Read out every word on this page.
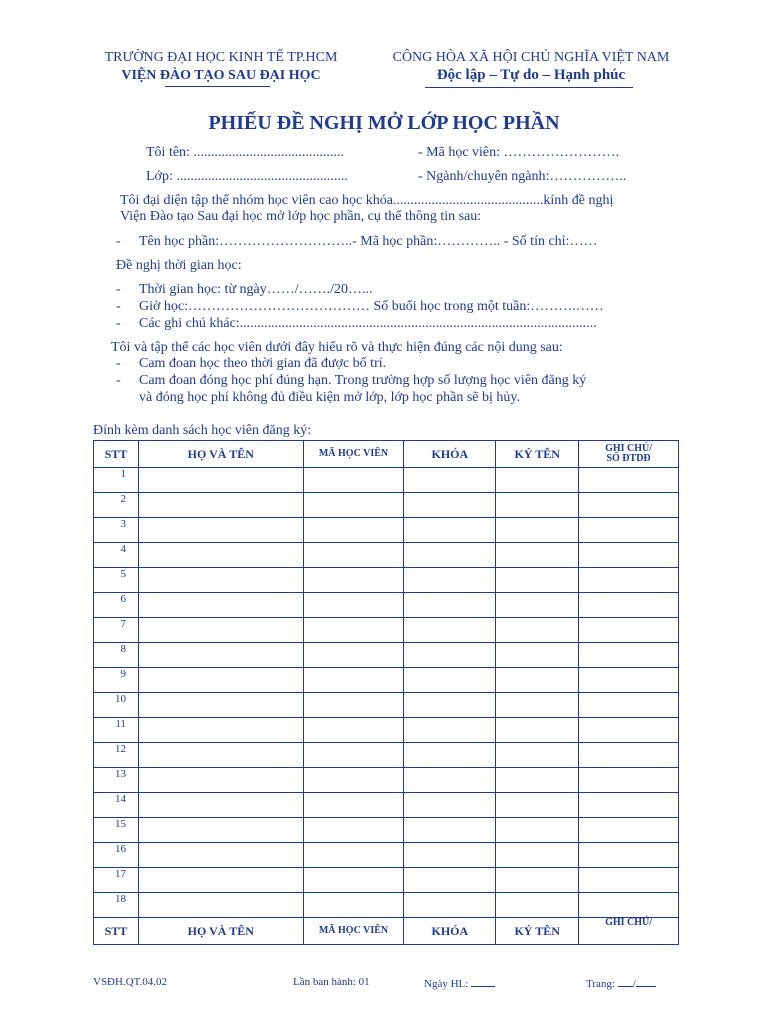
TRƯỜNG ĐẠI HỌC KINH TẾ TP.HCM
VIỆN ĐÀO TẠO SAU ĐẠI HỌC
CÔNG HÒA XÃ HỘI CHỦ NGHĨA VIỆT NAM
Độc lập – Tự do – Hạnh phúc
PHIẾU ĐỀ NGHỊ MỞ LỚP HỌC PHẦN
Tôi tên: ...........................................	- Mã học viên: …………………….
Lớp: .................................................	- Ngành/chuyên ngành:……………..
Tôi đại diện tập thể nhóm học viên cao học khóa...........................................kính đề nghị
Viện Đào tạo Sau đại học mở lớp học phần, cụ thể thông tin sau:
- Tên học phần:………………………..- Mã học phần:………….. - Số tín chỉ:……
Đề nghị thời gian học:
- Thời gian học: từ ngày……/……./20…...
- Giờ học:………………………………… Số buổi học trong một tuần:……….……
- Các ghi chú khác:......................................................................................................
Tôi và tập thể các học viên dưới đây hiểu rõ và thực hiện đúng các nội dung sau:
- Cam đoan học theo thời gian đã được bố trí.
- Cam đoan đóng học phí đúng hạn. Trong trường hợp số lượng học viên đăng ký
và đóng học phí không đủ điều kiện mở lớp, lớp học phần sẽ bị hủy.
Đính kèm danh sách học viên đăng ký:
STT	HỌ VÀ TÊN	MÃ HỌC VIÊN	KHÓA	KÝ TÊN	GHI CHÚ/
SỐ ĐTDĐ
1					
2					
3					
4					
5					
6					
7					
8					
9					
10					
11					
12					
13					
14					
15					
16					
17					
18					
STT	HỌ VÀ TÊN	MÃ HỌC VIÊN	KHÓA	KÝ TÊN	GHI CHÚ/
VSĐH.QT.04.02	Lần ban hành: 01	Ngày HL:	Trang: /
